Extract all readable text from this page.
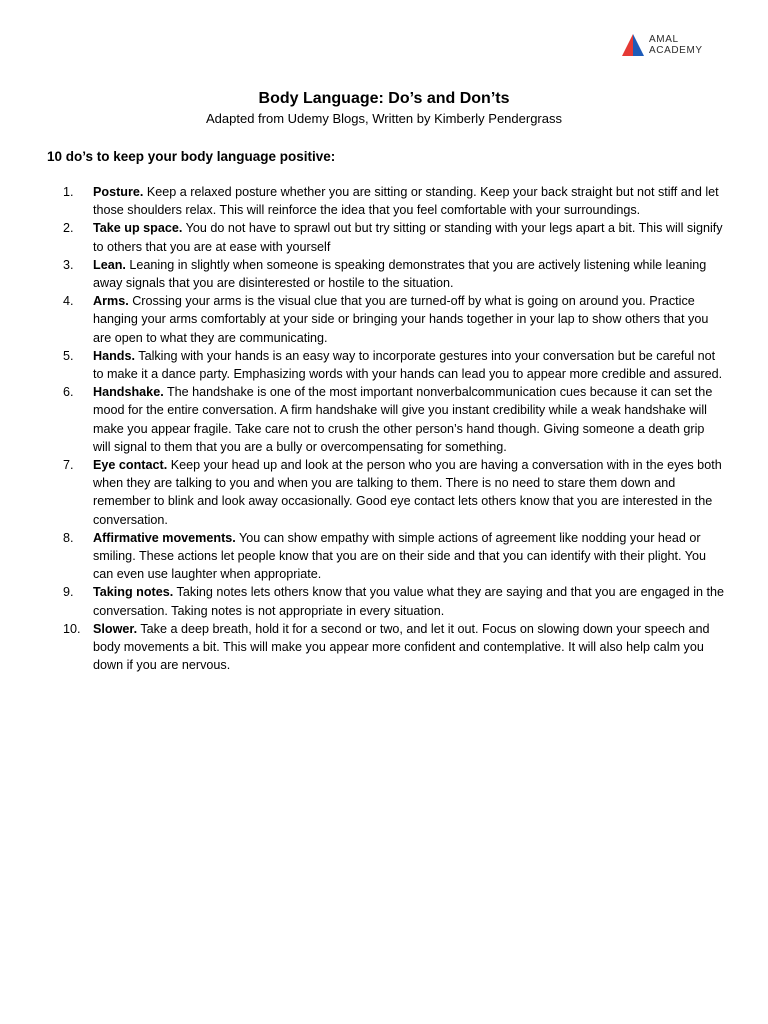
AMAL
ACADEMY
Body Language: Do’s and Don’ts
Adapted from Udemy Blogs, Written by Kimberly Pendergrass
10 do’s to keep your body language positive:
1.	Posture. Keep a relaxed posture whether you are sitting or standing. Keep your back straight but not stiff and let those shoulders relax. This will reinforce the idea that you feel comfortable with your surroundings.
2.	Take up space. You do not have to sprawl out but try sitting or standing with your legs apart a bit. This will signify to others that you are at ease with yourself
3.	Lean. Leaning in slightly when someone is speaking demonstrates that you are actively listening while leaning away signals that you are disinterested or hostile to the situation.
4.	Arms. Crossing your arms is the visual clue that you are turned-off by what is going on around you. Practice hanging your arms comfortably at your side or bringing your hands together in your lap to show others that you are open to what they are communicating.
5.	Hands. Talking with your hands is an easy way to incorporate gestures into your conversation but be careful not to make it a dance party. Emphasizing words with your hands can lead you to appear more credible and assured.
6.	Handshake. The handshake is one of the most important nonverbalcommunication cues because it can set the mood for the entire conversation. A firm handshake will give you instant credibility while a weak handshake will make you appear fragile. Take care not to crush the other person’s hand though. Giving someone a death grip will signal to them that you are a bully or overcompensating for something.
7.	Eye contact. Keep your head up and look at the person who you are having a conversation with in the eyes both when they are talking to you and when you are talking to them. There is no need to stare them down and remember to blink and look away occasionally. Good eye contact lets others know that you are interested in the conversation.
8.	Affirmative movements. You can show empathy with simple actions of agreement like nodding your head or smiling. These actions let people know that you are on their side and that you can identify with their plight. You can even use laughter when appropriate.
9.	Taking notes. Taking notes lets others know that you value what they are saying and that you are engaged in the conversation. Taking notes is not appropriate in every situation.
10. Slower. Take a deep breath, hold it for a second or two, and let it out. Focus on slowing down your speech and body movements a bit. This will make you appear more confident and contemplative. It will also help calm you down if you are nervous.
